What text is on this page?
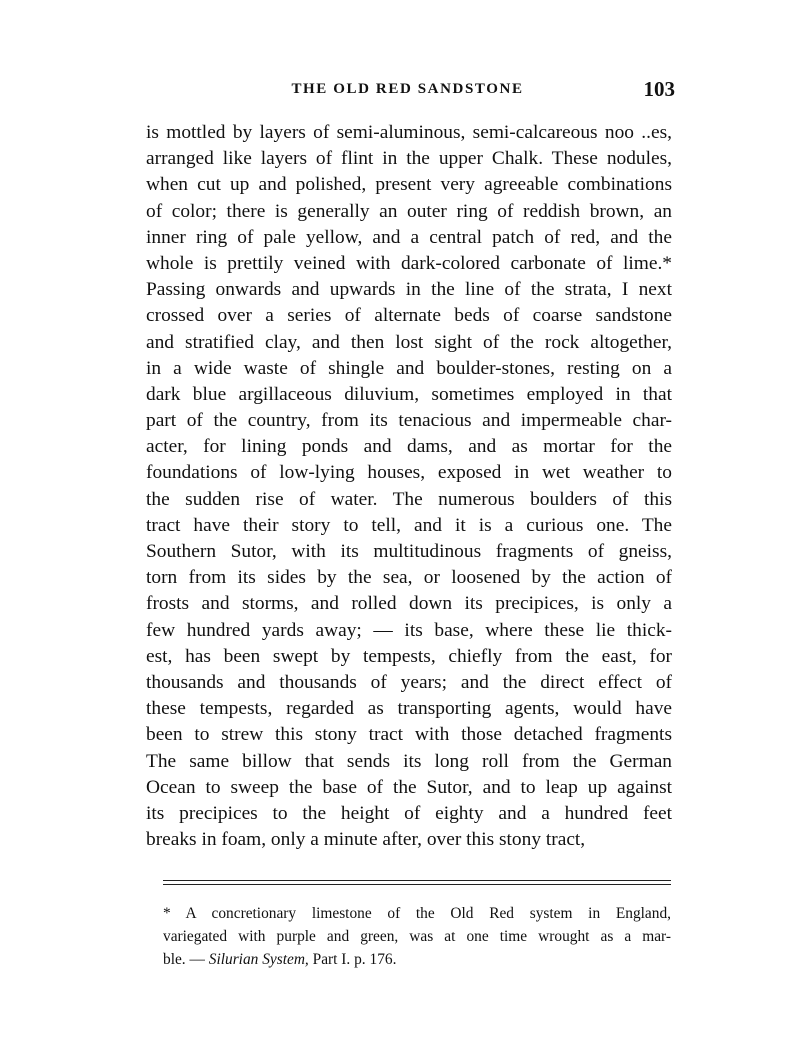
THE OLD RED SANDSTONE	103
is mottled by layers of semi-aluminous, semi-calcareous noo ..es,
arranged like layers of flint in the upper Chalk. These nodules,
when cut up and polished, present very agreeable combinations
of color; there is generally an outer ring of reddish brown, an
inner ring of pale yellow, and a central patch of red, and the
whole is prettily veined with dark-colored carbonate of lime.*
Passing onwards and upwards in the line of the strata, I next
crossed over a series of alternate beds of coarse sandstone
and stratified clay, and then lost sight of the rock altogether,
in a wide waste of shingle and boulder-stones, resting on a
dark blue argillaceous diluvium, sometimes employed in that
part of the country, from its tenacious and impermeable char-
acter, for lining ponds and dams, and as mortar for the
foundations of low-lying houses, exposed in wet weather to
the sudden rise of water. The numerous boulders of this
tract have their story to tell, and it is a curious one. The
Southern Sutor, with its multitudinous fragments of gneiss,
torn from its sides by the sea, or loosened by the action of
frosts and storms, and rolled down its precipices, is only a
few hundred yards away; — its base, where these lie thick-
est, has been swept by tempests, chiefly from the east, for
thousands and thousands of years; and the direct effect of
these tempests, regarded as transporting agents, would have
been to strew this stony tract with those detached fragments
The same billow that sends its long roll from the German
Ocean to sweep the base of the Sutor, and to leap up against
its precipices to the height of eighty and a hundred feet
breaks in foam, only a minute after, over this stony tract,
* A concretionary limestone of the Old Red system in England,
variegated with purple and green, was at one time wrought as a mar-
ble. — Silurian System, Part I. p. 176.
